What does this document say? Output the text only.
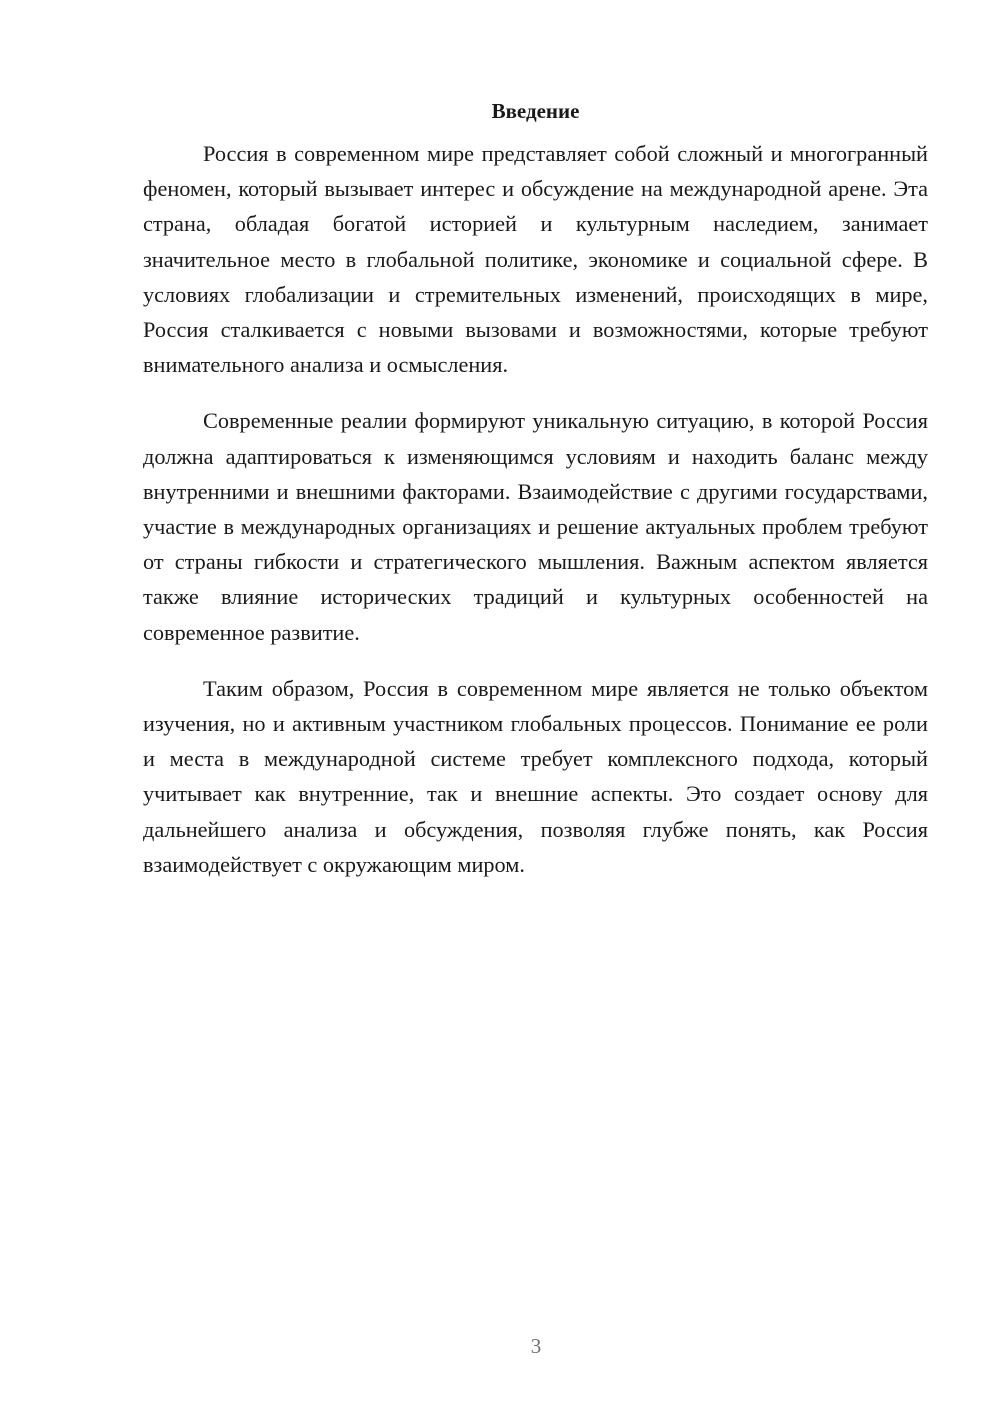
Введение

Россия в современном мире представляет собой сложный и многогранный феномен, который вызывает интерес и обсуждение на международной арене. Эта страна, обладая богатой историей и культурным наследием, занимает значительное место в глобальной политике, экономике и социальной сфере. В условиях глобализации и стремительных изменений, происходящих в мире, Россия сталкивается с новыми вызовами и возможностями, которые требуют внимательного анализа и осмысления.

Современные реалии формируют уникальную ситуацию, в которой Россия должна адаптироваться к изменяющимся условиям и находить баланс между внутренними и внешними факторами. Взаимодействие с другими государствами, участие в международных организациях и решение актуальных проблем требуют от страны гибкости и стратегического мышления. Важным аспектом является также влияние исторических традиций и культурных особенностей на современное развитие.

Таким образом, Россия в современном мире является не только объектом изучения, но и активным участником глобальных процессов. Понимание ее роли и места в международной системе требует комплексного подхода, который учитывает как внутренние, так и внешние аспекты. Это создает основу для дальнейшего анализа и обсуждения, позволяя глубже понять, как Россия взаимодействует с окружающим миром.

3
